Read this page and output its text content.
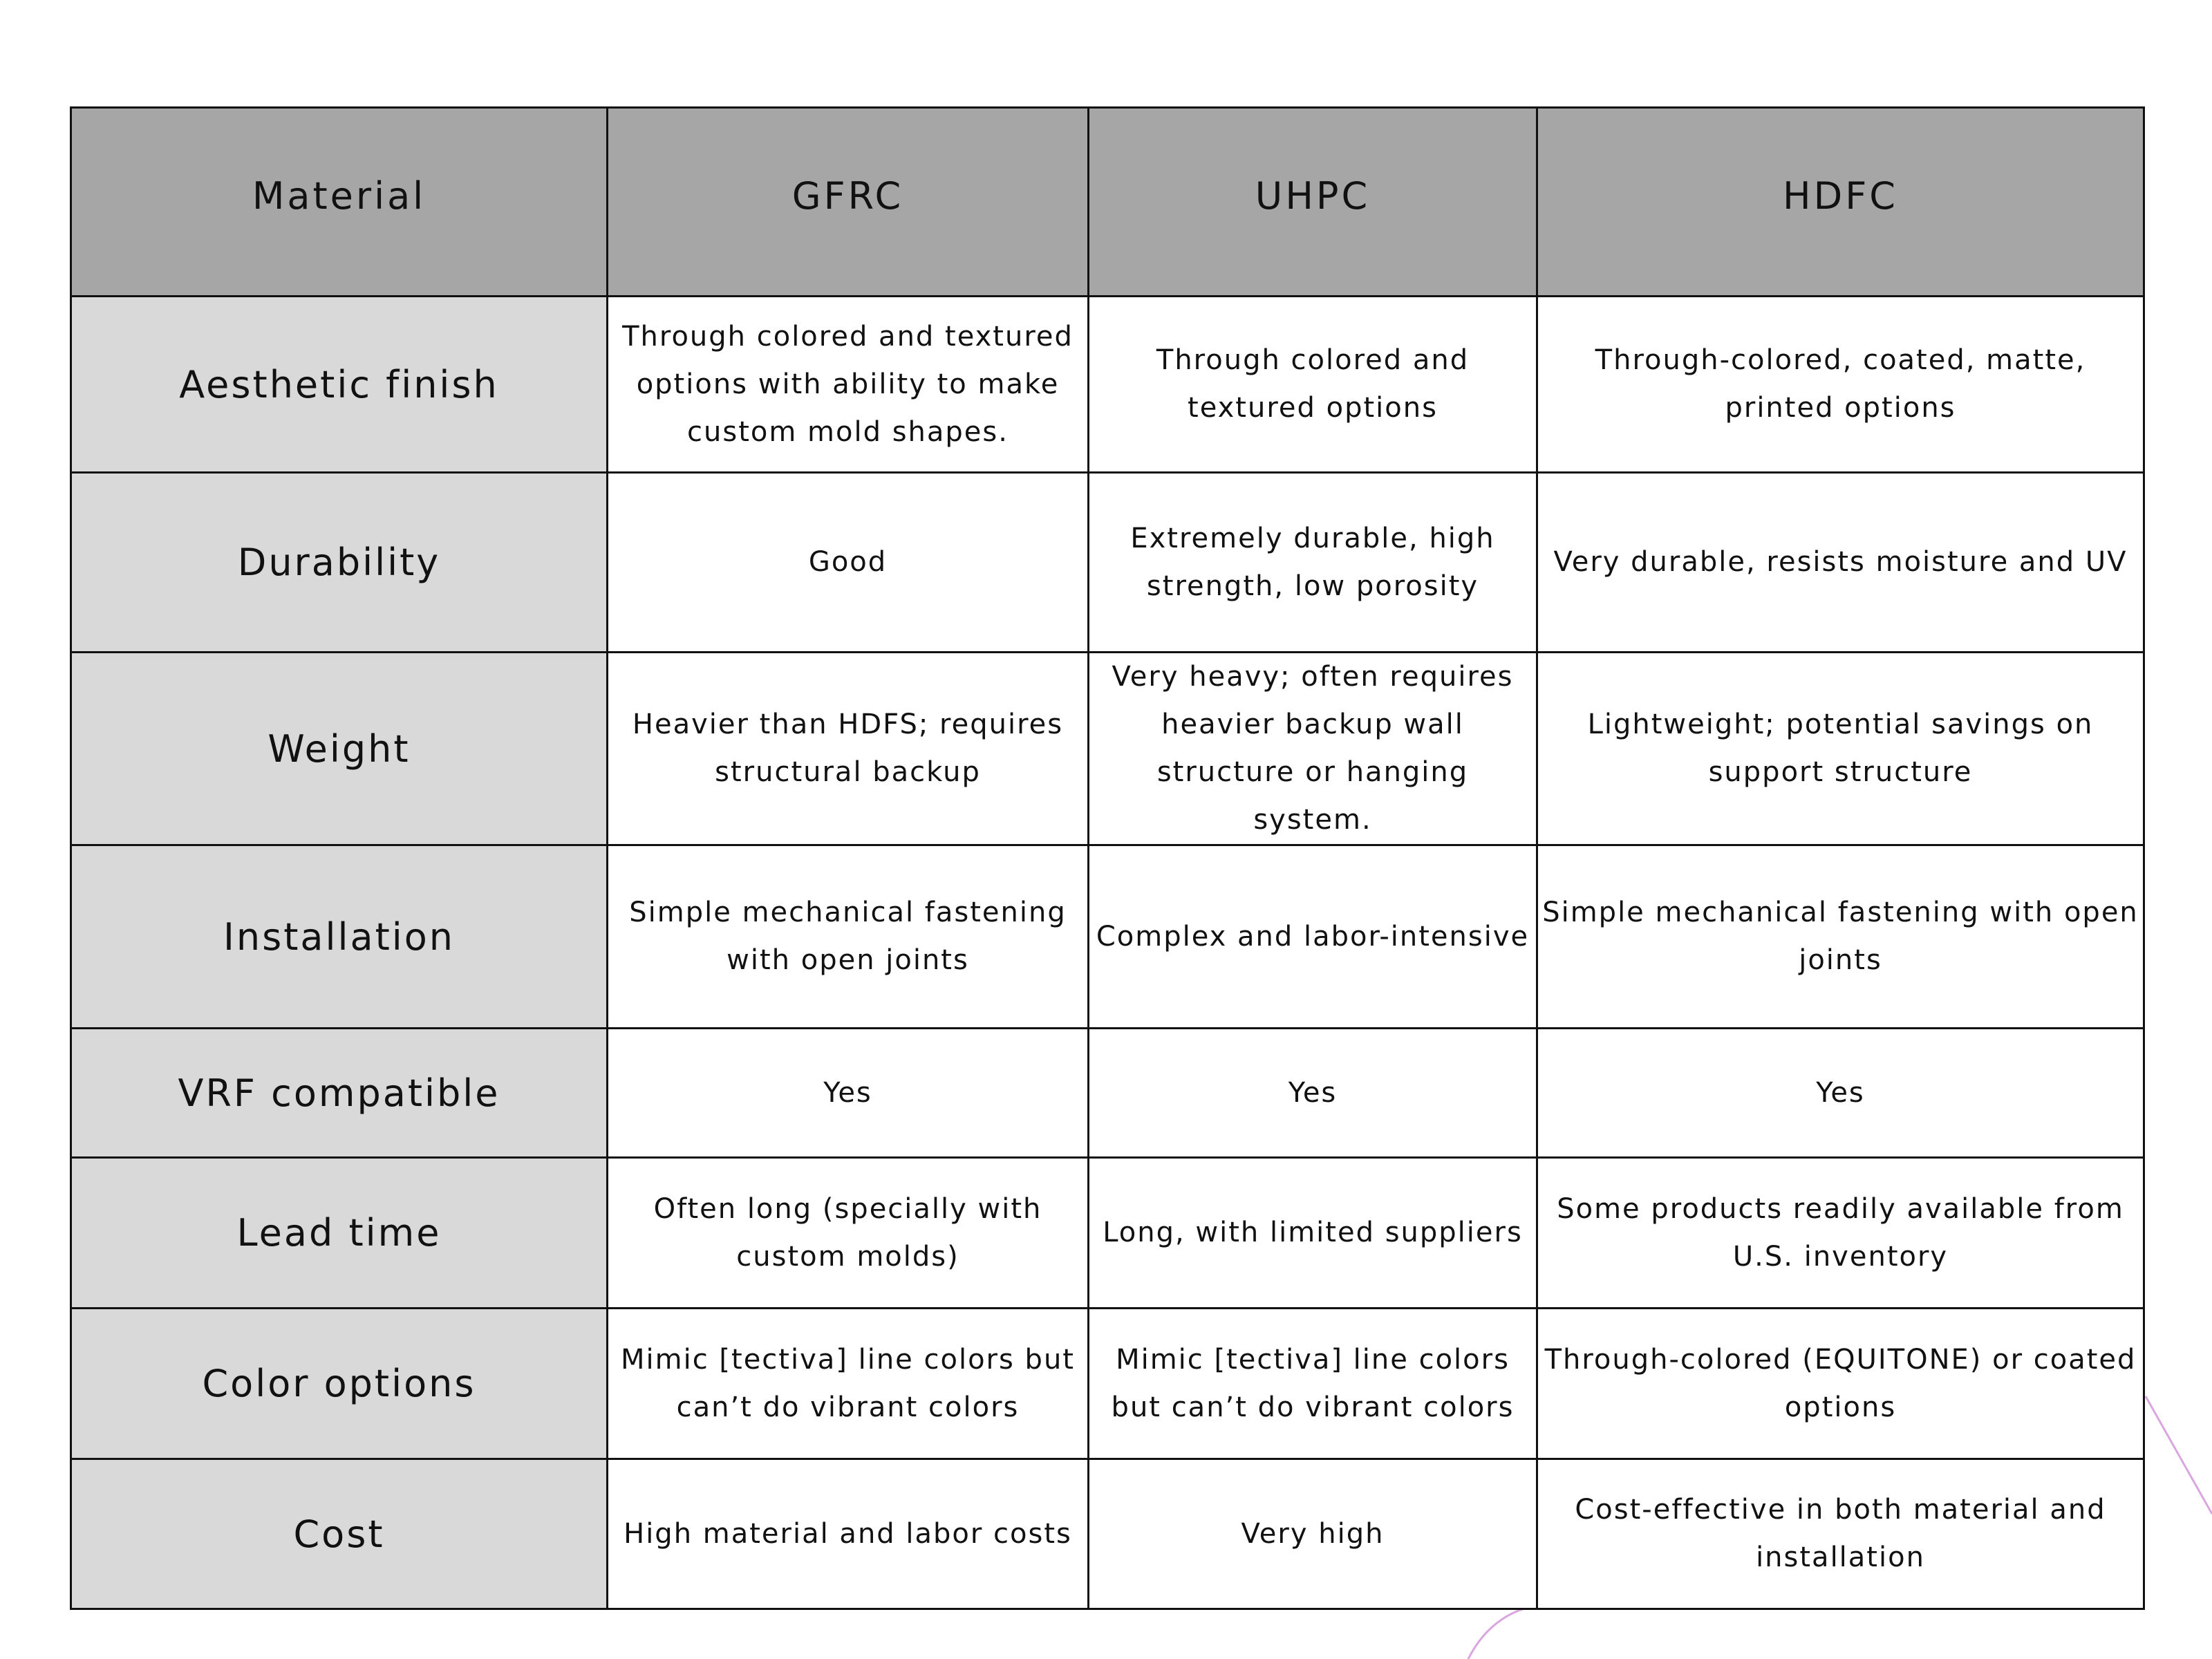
Material	GFRC	UHPC	HDFC
Aesthetic finish	Through colored and textured options with ability to make custom mold shapes.	Through colored and textured options	Through-colored, coated, matte, printed options
Durability	Good	Extremely durable, high strength, low porosity	Very durable, resists moisture and UV
Weight	Heavier than HDFS; requires structural backup	Very heavy; often requires heavier backup wall structure or hanging system.	Lightweight; potential savings on support structure
Installation	Simple mechanical fastening with open joints	Complex and labor-intensive	Simple mechanical fastening with open joints
VRF compatible	Yes	Yes	Yes
Lead time	Often long (specially with custom molds)	Long, with limited suppliers	Some products readily available from U.S. inventory
Color options	Mimic [tectiva] line colors but can’t do vibrant colors	Mimic [tectiva] line colors but can’t do vibrant colors	Through-colored (EQUITONE) or coated options
Cost	High material and labor costs	Very high	Cost-effective in both material and installation
